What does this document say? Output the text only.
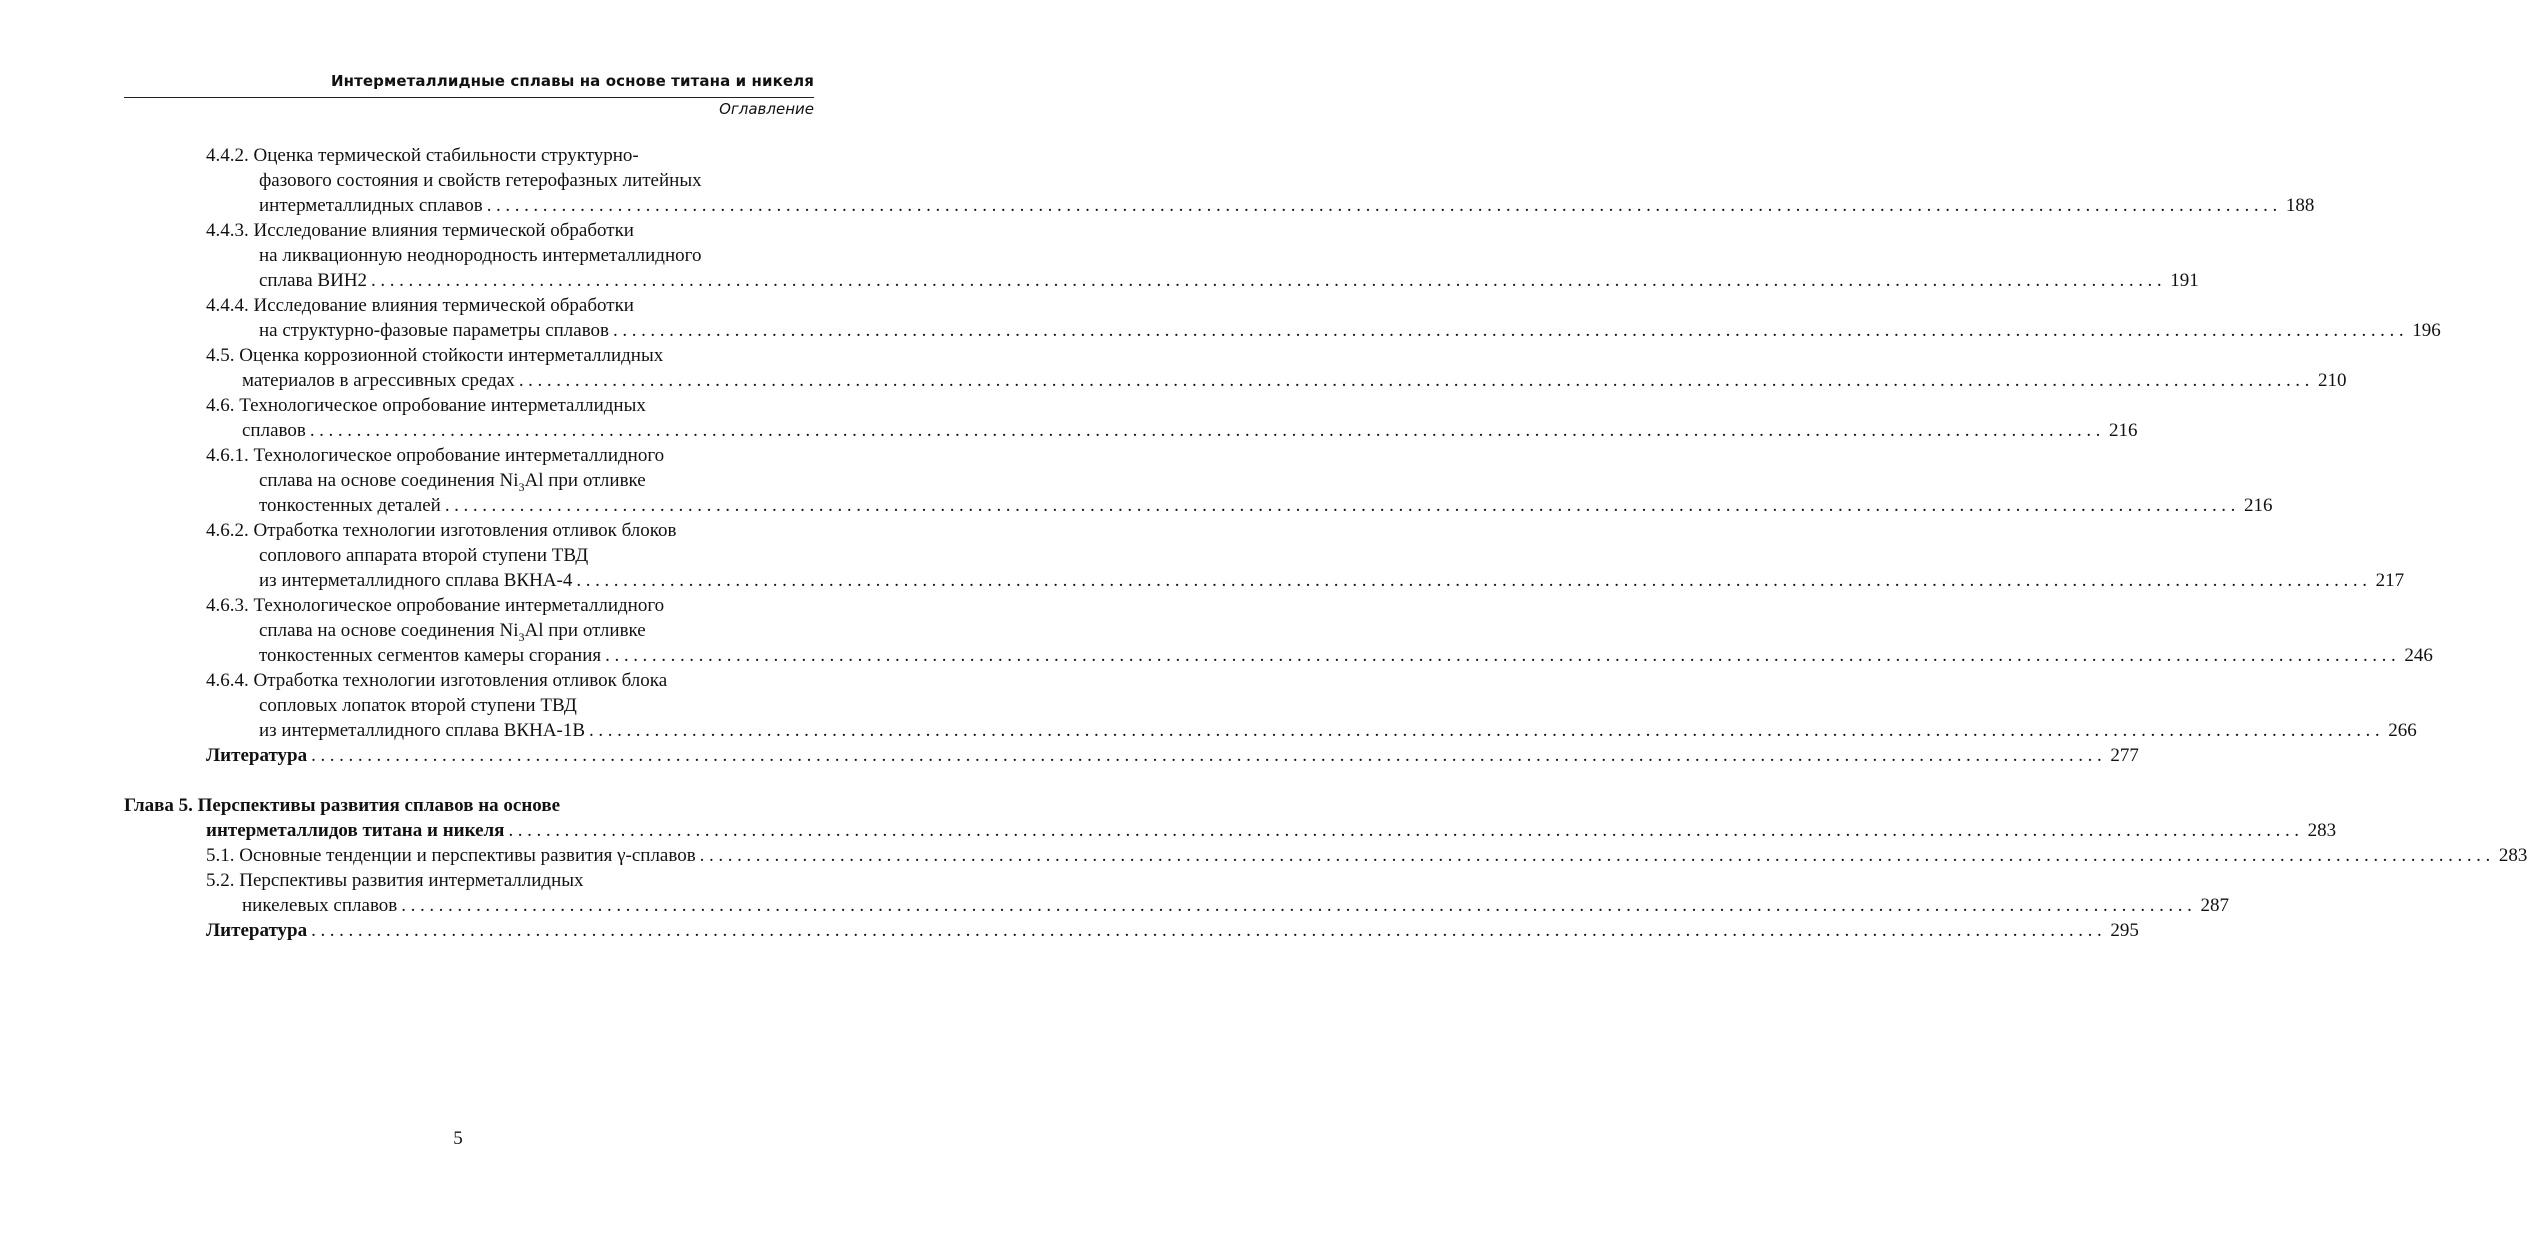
Интерметаллидные сплавы на основе титана и никеля
Оглавление
4.4.2. Оценка термической стабильности структурно-
фазового состояния и свойств гетерофазных литейных
интерметаллидных сплавов ................................................................................................................................................................................................ 188
4.4.3. Исследование влияния термической обработки
на ликвационную неоднородность интерметаллидного
сплава ВИН2 ................................................................................................................................................................................................ 191
4.4.4. Исследование влияния термической обработки
на структурно-фазовые параметры сплавов ................................................................................................................................................................................................ 196
4.5. Оценка коррозионной стойкости интерметаллидных
материалов в агрессивных средах ................................................................................................................................................................................................ 210
4.6. Технологическое опробование интерметаллидных
сплавов ................................................................................................................................................................................................ 216
4.6.1. Технологическое опробование интерметаллидного
сплава на основе соединения $Ni_3Al$ при отливке
тонкостенных деталей ................................................................................................................................................................................................ 216
4.6.2. Отработка технологии изготовления отливок блоков
соплового аппарата второй ступени ТВД
из интерметаллидного сплава ВКНА-4 ................................................................................................................................................................................................ 217
4.6.3. Технологическое опробование интерметаллидного
сплава на основе соединения $Ni_3Al$ при отливке
тонкостенных сегментов камеры сгорания ................................................................................................................................................................................................ 246
4.6.4. Отработка технологии изготовления отливок блока
сопловых лопаток второй ступени ТВД
из интерметаллидного сплава ВКНА-1В ................................................................................................................................................................................................ 266
Литература ................................................................................................................................................................................................ 277
Глава 5. Перспективы развития сплавов на основе
интерметаллидов титана и никеля ................................................................................................................................................................................................ 283
5.1. Основные тенденции и перспективы развития γ-сплавов ................................................................................................................................................................................................ 283
5.2. Перспективы развития интерметаллидных
никелевых сплавов ................................................................................................................................................................................................ 287
Литература ................................................................................................................................................................................................ 295
5
